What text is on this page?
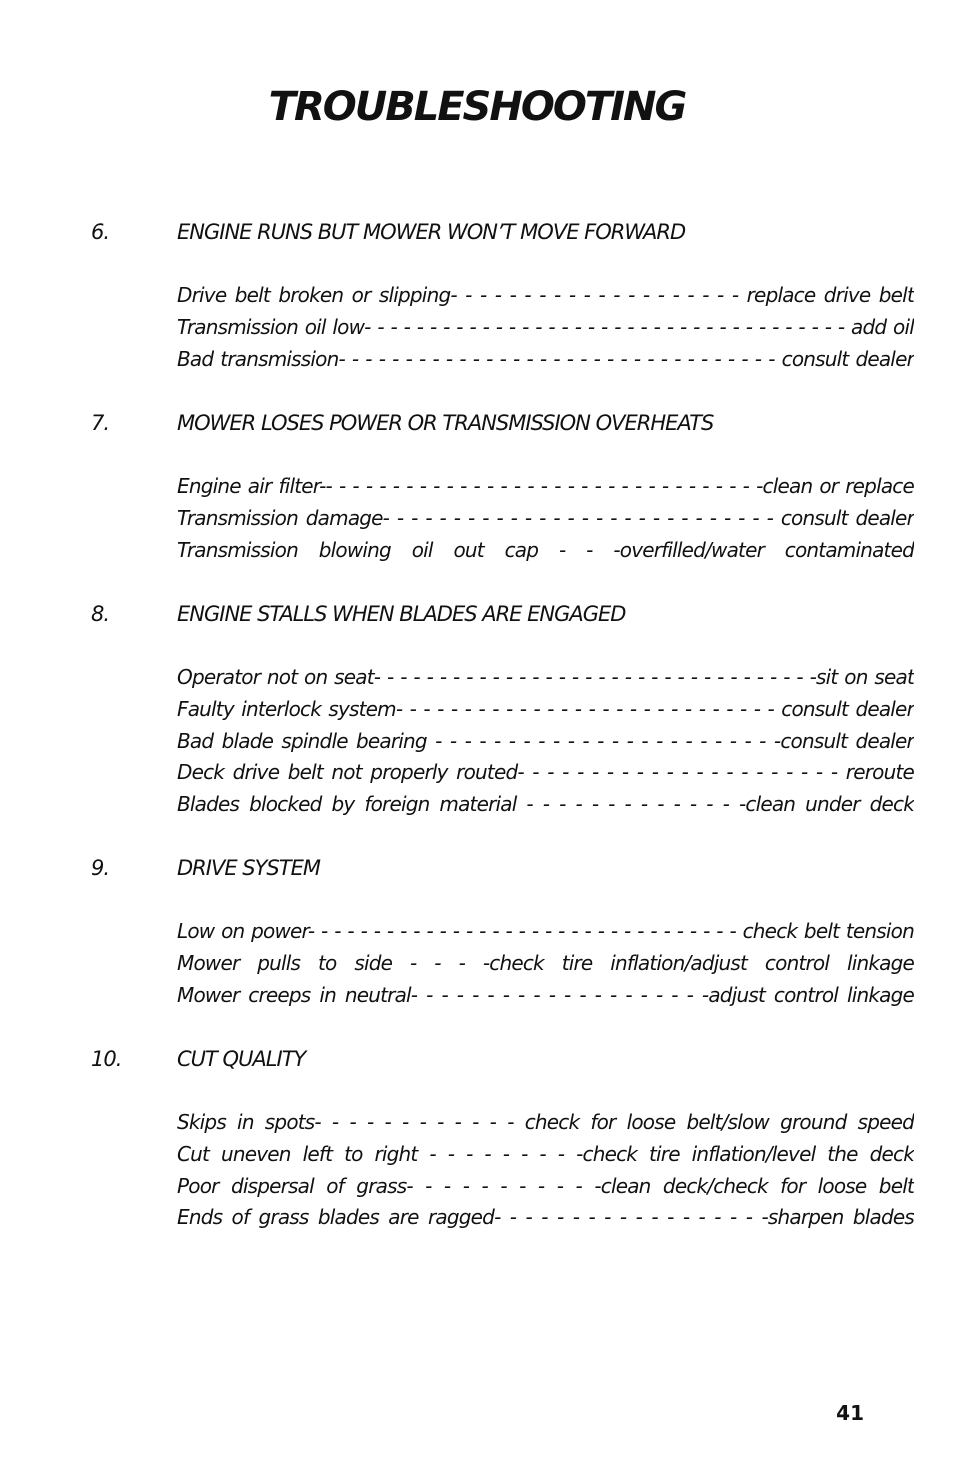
TROUBLESHOOTING
6.	ENGINE RUNS BUT MOWER WON’T MOVE FORWARD
Drive belt broken or slipping- - - - - - - - - - - - - - - - - - - - replace drive belt
Transmission oil low- - - - - - - - - - - - - - - - - - - - - - - - - - - - - - - - - - - - - add oil
Bad transmission- - - - - - - - - - - - - - - - - - - - - - - - - - - - - - - - - consult dealer
7.	MOWER LOSES POWER OR TRANSMISSION OVERHEATS
Engine air filter-- - - - - - - - - - - - - - - - - - - - - - - - - - - - - - - - -clean or replace
Transmission damage- - - - - - - - - - - - - - - - - - - - - - - - - - - - consult dealer
Transmission blowing oil out cap - - -overfilled/water contaminated
8.	ENGINE STALLS WHEN BLADES ARE ENGAGED
Operator not on seat- - - - - - - - - - - - - - - - - - - - - - - - - - - - - - - - - -sit on seat
Faulty interlock system- - - - - - - - - - - - - - - - - - - - - - - - - - - - consult dealer
Bad blade spindle bearing - - - - - - - - - - - - - - - - - - - - - - - -consult dealer
Deck drive belt not properly routed- - - - - - - - - - - - - - - - - - - - - - reroute
Blades blocked by foreign material - - - - - - - - - - - - - -clean under deck
9.	DRIVE SYSTEM
Low on power- - - - - - - - - - - - - - - - - - - - - - - - - - - - - - - - - check belt tension
Mower pulls to side - - - -check tire inflation/adjust control linkage
Mower creeps in neutral- - - - - - - - - - - - - - - - - - - -adjust control linkage
10.	CUT QUALITY
Skips in spots- - - - - - - - - - - - check for loose belt/slow ground speed
Cut uneven left to right - - - - - - - - -check tire inflation/level the deck
Poor dispersal of grass- - - - - - - - - - -clean deck/check for loose belt
Ends of grass blades are ragged- - - - - - - - - - - - - - - - - -sharpen blades
41
